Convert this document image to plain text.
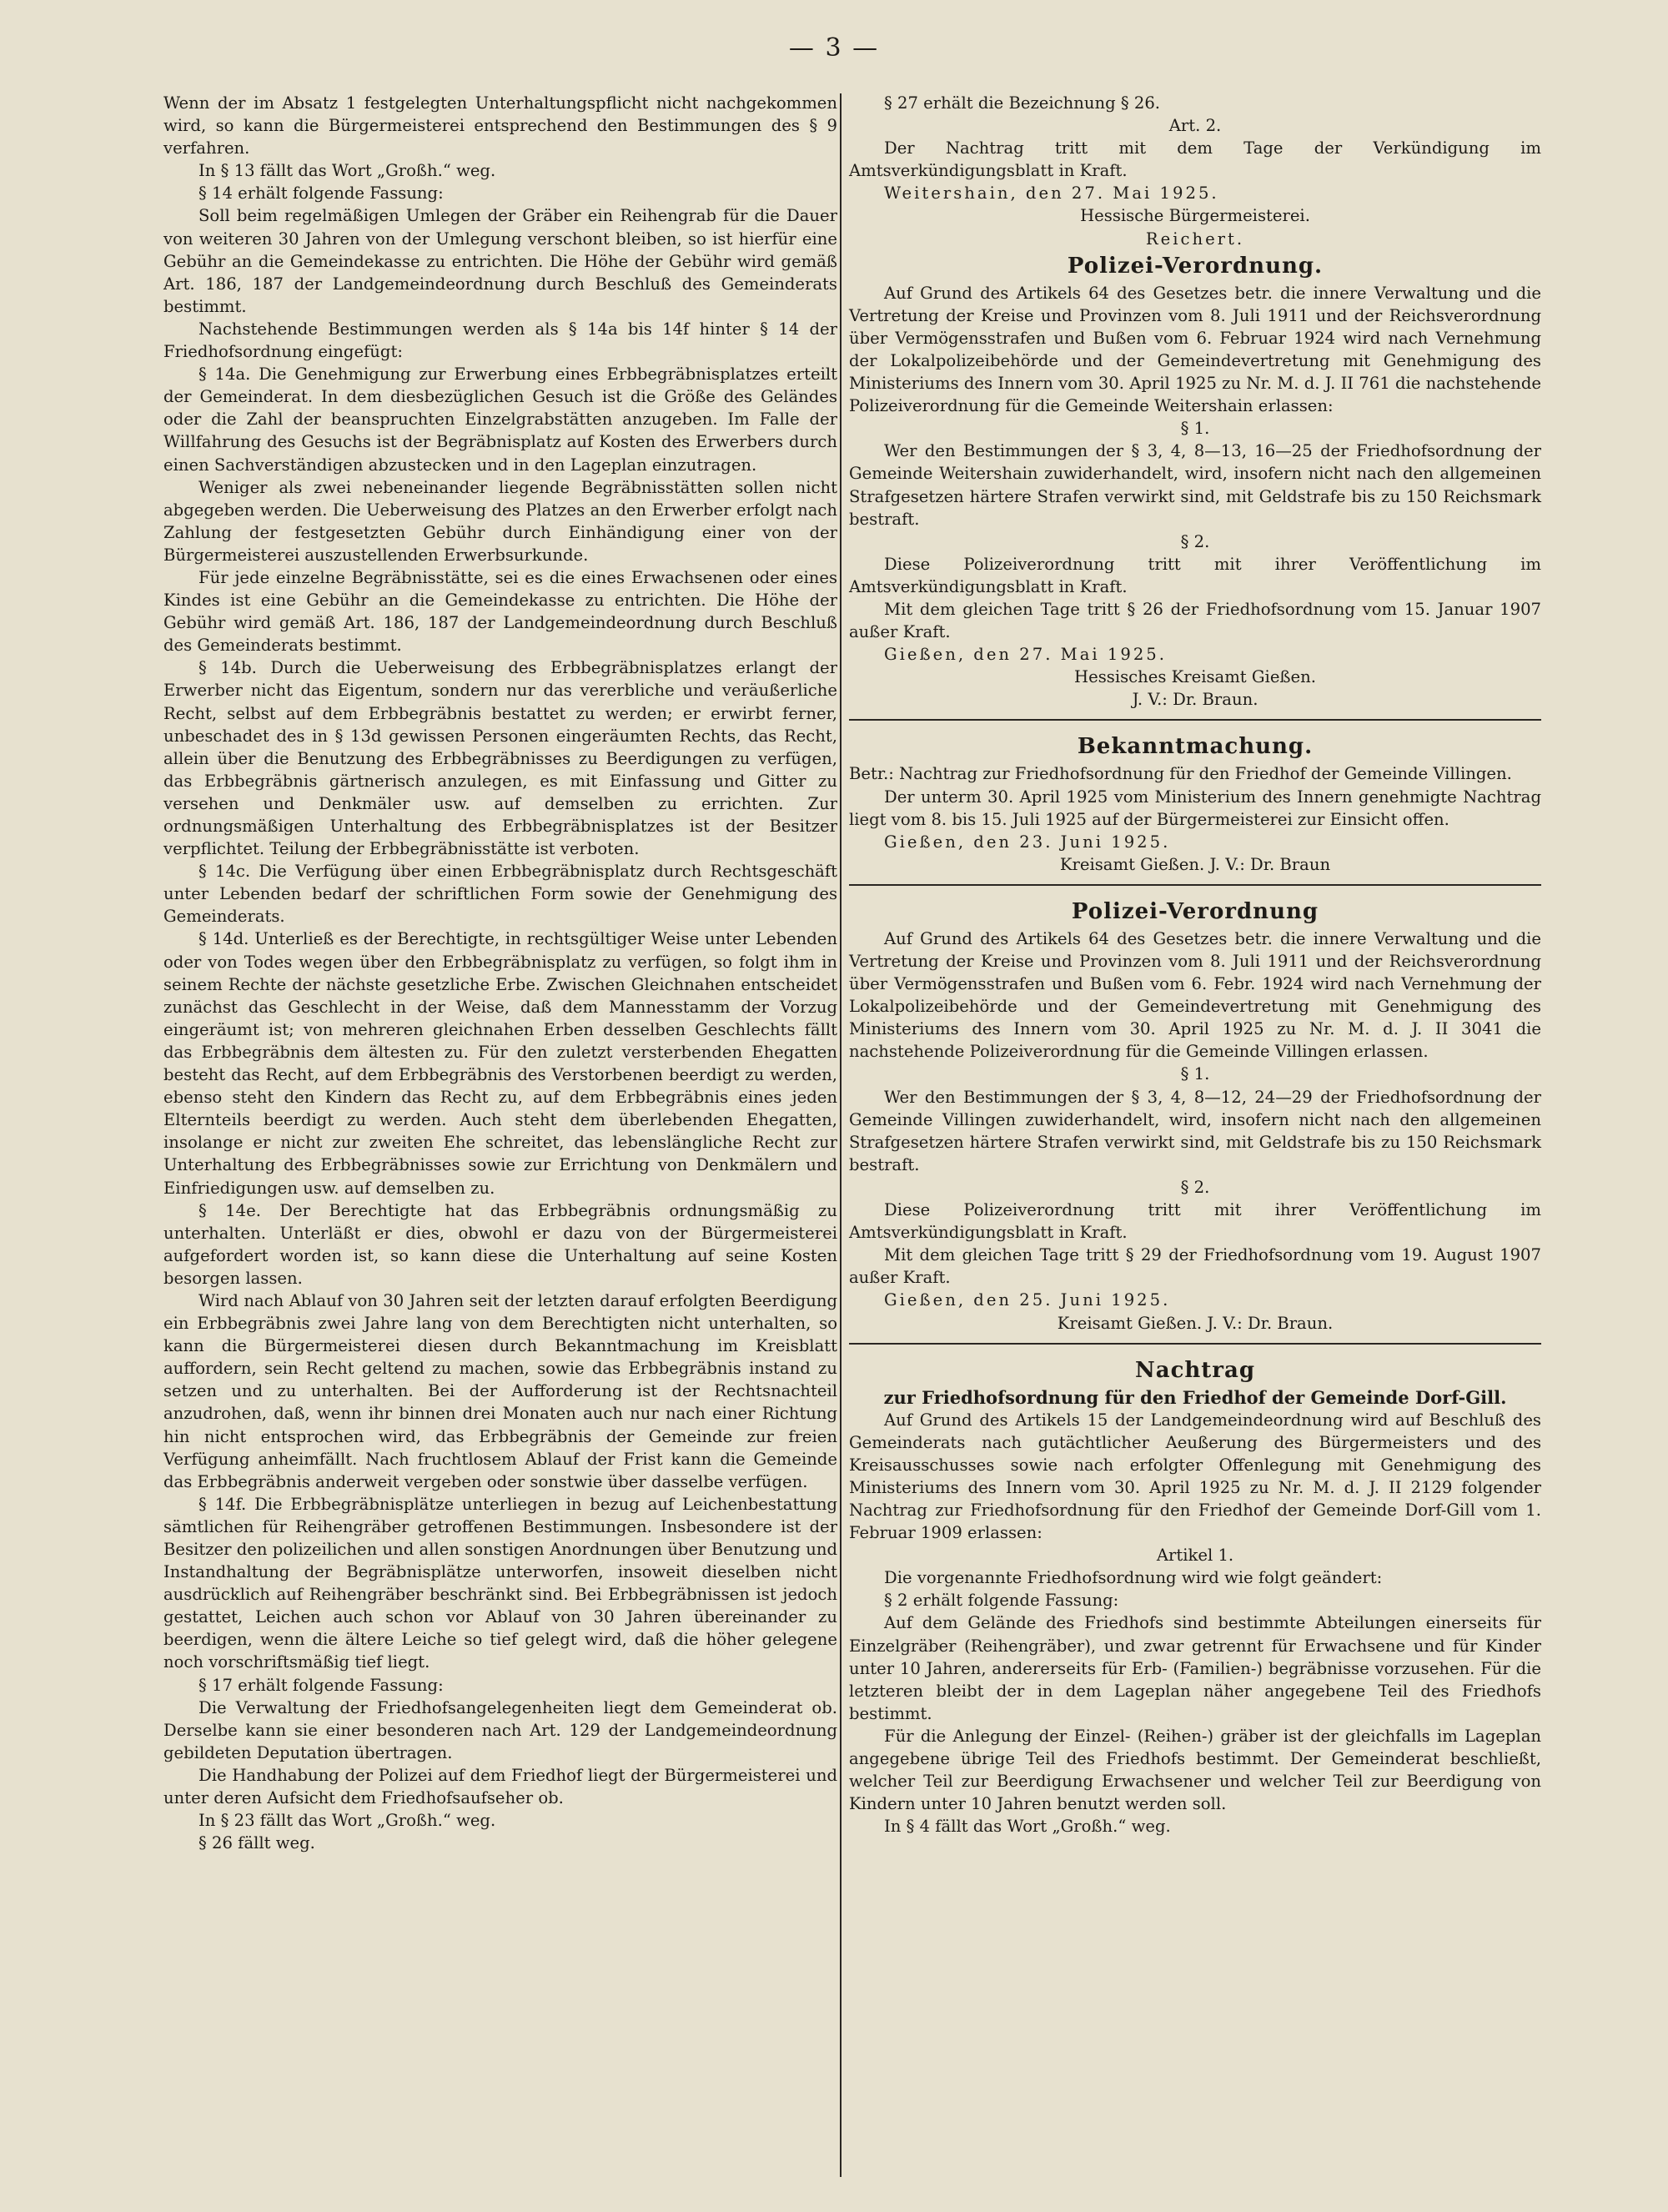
— 3 —

Wenn der im Absatz 1 festgelegten Unterhaltungspflicht nicht nachgekommen wird, so kann die Bürgermeisterei entsprechend den Bestimmungen des § 9 verfahren.

In § 13 fällt das Wort „Großh.“ weg.

§ 14 erhält folgende Fassung:

Soll beim regelmäßigen Umlegen der Gräber ein Reihengrab für die Dauer von weiteren 30 Jahren von der Umlegung verschont bleiben, so ist hierfür eine Gebühr an die Gemeindekasse zu entrichten. Die Höhe der Gebühr wird gemäß Art. 186, 187 der Landgemeindeordnung durch Beschluß des Gemeinderats bestimmt.

Nachstehende Bestimmungen werden als § 14a bis 14f hinter § 14 der Friedhofsordnung eingefügt:

§ 14a. Die Genehmigung zur Erwerbung eines Erbbegräbnisplatzes erteilt der Gemeinderat. In dem diesbezüglichen Gesuch ist die Größe des Geländes oder die Zahl der beanspruchten Einzelgrabstätten anzugeben. Im Falle der Willfahrung des Gesuchs ist der Begräbnisplatz auf Kosten des Erwerbers durch einen Sachverständigen abzustecken und in den Lageplan einzutragen.

Weniger als zwei nebeneinander liegende Begräbnisstätten sollen nicht abgegeben werden. Die Ueberweisung des Platzes an den Erwerber erfolgt nach Zahlung der festgesetzten Gebühr durch Einhändigung einer von der Bürgermeisterei auszustellenden Erwerbsurkunde.

Für jede einzelne Begräbnisstätte, sei es die eines Erwachsenen oder eines Kindes ist eine Gebühr an die Gemeindekasse zu entrichten. Die Höhe der Gebühr wird gemäß Art. 186, 187 der Landgemeindeordnung durch Beschluß des Gemeinderats bestimmt.

§ 14b. Durch die Ueberweisung des Erbbegräbnisplatzes erlangt der Erwerber nicht das Eigentum, sondern nur das vererbliche und veräußerliche Recht, selbst auf dem Erbbegräbnis bestattet zu werden; er erwirbt ferner, unbeschadet des in § 13d gewissen Personen eingeräumten Rechts, das Recht, allein über die Benutzung des Erbbegräbnisses zu Beerdigungen zu verfügen, das Erbbegräbnis gärtnerisch anzulegen, es mit Einfassung und Gitter zu versehen und Denkmäler usw. auf demselben zu errichten. Zur ordnungsmäßigen Unterhaltung des Erbbegräbnisplatzes ist der Besitzer verpflichtet. Teilung der Erbbegräbnisstätte ist verboten.

§ 14c. Die Verfügung über einen Erbbegräbnisplatz durch Rechtsgeschäft unter Lebenden bedarf der schriftlichen Form sowie der Genehmigung des Gemeinderats.

§ 14d. Unterließ es der Berechtigte, in rechtsgültiger Weise unter Lebenden oder von Todes wegen über den Erbbegräbnisplatz zu verfügen, so folgt ihm in seinem Rechte der nächste gesetzliche Erbe. Zwischen Gleichnahen entscheidet zunächst das Geschlecht in der Weise, daß dem Mannesstamm der Vorzug eingeräumt ist; von mehreren gleichnahen Erben desselben Geschlechts fällt das Erbbegräbnis dem ältesten zu. Für den zuletzt versterbenden Ehegatten besteht das Recht, auf dem Erbbegräbnis des Verstorbenen beerdigt zu werden, ebenso steht den Kindern das Recht zu, auf dem Erbbegräbnis eines jeden Elternteils beerdigt zu werden. Auch steht dem überlebenden Ehegatten, insolange er nicht zur zweiten Ehe schreitet, das lebenslängliche Recht zur Unterhaltung des Erbbegräbnisses sowie zur Errichtung von Denkmälern und Einfriedigungen usw. auf demselben zu.

§ 14e. Der Berechtigte hat das Erbbegräbnis ordnungsmäßig zu unterhalten. Unterläßt er dies, obwohl er dazu von der Bürgermeisterei aufgefordert worden ist, so kann diese die Unterhaltung auf seine Kosten besorgen lassen.

Wird nach Ablauf von 30 Jahren seit der letzten darauf erfolgten Beerdigung ein Erbbegräbnis zwei Jahre lang von dem Berechtigten nicht unterhalten, so kann die Bürgermeisterei diesen durch Bekanntmachung im Kreisblatt auffordern, sein Recht geltend zu machen, sowie das Erbbegräbnis instand zu setzen und zu unterhalten. Bei der Aufforderung ist der Rechtsnachteil anzudrohen, daß, wenn ihr binnen drei Monaten auch nur nach einer Richtung hin nicht entsprochen wird, das Erbbegräbnis der Gemeinde zur freien Verfügung anheimfällt. Nach fruchtlosem Ablauf der Frist kann die Gemeinde das Erbbegräbnis anderweit vergeben oder sonstwie über dasselbe verfügen.

§ 14f. Die Erbbegräbnisplätze unterliegen in bezug auf Leichenbestattung sämtlichen für Reihengräber getroffenen Bestimmungen. Insbesondere ist der Besitzer den polizeilichen und allen sonstigen Anordnungen über Benutzung und Instandhaltung der Begräbnisplätze unterworfen, insoweit dieselben nicht ausdrücklich auf Reihengräber beschränkt sind. Bei Erbbegräbnissen ist jedoch gestattet, Leichen auch schon vor Ablauf von 30 Jahren übereinander zu beerdigen, wenn die ältere Leiche so tief gelegt wird, daß die höher gelegene noch vorschriftsmäßig tief liegt.

§ 17 erhält folgende Fassung:

Die Verwaltung der Friedhofsangelegenheiten liegt dem Gemeinderat ob. Derselbe kann sie einer besonderen nach Art. 129 der Landgemeindeordnung gebildeten Deputation übertragen.

Die Handhabung der Polizei auf dem Friedhof liegt der Bürgermeisterei und unter deren Aufsicht dem Friedhofsaufseher ob.

In § 23 fällt das Wort „Großh.“ weg.

§ 26 fällt weg.

§ 27 erhält die Bezeichnung § 26.

Art. 2.

Der Nachtrag tritt mit dem Tage der Verkündigung im Amtsverkündigungsblatt in Kraft.

Weitershain, den 27. Mai 1925.

Hessische Bürgermeisterei.

Reichert.

Polizei-Verordnung.

Auf Grund des Artikels 64 des Gesetzes betr. die innere Verwaltung und die Vertretung der Kreise und Provinzen vom 8. Juli 1911 und der Reichsverordnung über Vermögensstrafen und Bußen vom 6. Februar 1924 wird nach Vernehmung der Lokalpolizeibehörde und der Gemeindevertretung mit Genehmigung des Ministeriums des Innern vom 30. April 1925 zu Nr. M. d. J. II 761 die nachstehende Polizeiverordnung für die Gemeinde Weitershain erlassen:

§ 1.

Wer den Bestimmungen der § 3, 4, 8—13, 16—25 der Friedhofsordnung der Gemeinde Weitershain zuwiderhandelt, wird, insofern nicht nach den allgemeinen Strafgesetzen härtere Strafen verwirkt sind, mit Geldstrafe bis zu 150 Reichsmark bestraft.

§ 2.

Diese Polizeiverordnung tritt mit ihrer Veröffentlichung im Amtsverkündigungsblatt in Kraft.

Mit dem gleichen Tage tritt § 26 der Friedhofsordnung vom 15. Januar 1907 außer Kraft.

Gießen, den 27. Mai 1925.

Hessisches Kreisamt Gießen.

J. V.: Dr. Braun.

Bekanntmachung.

Betr.: Nachtrag zur Friedhofsordnung für den Friedhof der Gemeinde Villingen.

Der unterm 30. April 1925 vom Ministerium des Innern genehmigte Nachtrag liegt vom 8. bis 15. Juli 1925 auf der Bürgermeisterei zur Einsicht offen.

Gießen, den 23. Juni 1925.

Kreisamt Gießen. J. V.: Dr. Braun

Polizei-Verordnung

Auf Grund des Artikels 64 des Gesetzes betr. die innere Verwaltung und die Vertretung der Kreise und Provinzen vom 8. Juli 1911 und der Reichsverordnung über Vermögensstrafen und Bußen vom 6. Febr. 1924 wird nach Vernehmung der Lokalpolizeibehörde und der Gemeindevertretung mit Genehmigung des Ministeriums des Innern vom 30. April 1925 zu Nr. M. d. J. II 3041 die nachstehende Polizeiverordnung für die Gemeinde Villingen erlassen.

§ 1.

Wer den Bestimmungen der § 3, 4, 8—12, 24—29 der Friedhofsordnung der Gemeinde Villingen zuwiderhandelt, wird, insofern nicht nach den allgemeinen Strafgesetzen härtere Strafen verwirkt sind, mit Geldstrafe bis zu 150 Reichsmark bestraft.

§ 2.

Diese Polizeiverordnung tritt mit ihrer Veröffentlichung im Amtsverkündigungsblatt in Kraft.

Mit dem gleichen Tage tritt § 29 der Friedhofsordnung vom 19. August 1907 außer Kraft.

Gießen, den 25. Juni 1925.

Kreisamt Gießen. J. V.: Dr. Braun.

Nachtrag
zur Friedhofsordnung für den Friedhof der Gemeinde Dorf-Gill.

Auf Grund des Artikels 15 der Landgemeindeordnung wird auf Beschluß des Gemeinderats nach gutächtlicher Aeußerung des Bürgermeisters und des Kreisausschusses sowie nach erfolgter Offenlegung mit Genehmigung des Ministeriums des Innern vom 30. April 1925 zu Nr. M. d. J. II 2129 folgender Nachtrag zur Friedhofsordnung für den Friedhof der Gemeinde Dorf-Gill vom 1. Februar 1909 erlassen:

Artikel 1.

Die vorgenannte Friedhofsordnung wird wie folgt geändert:

§ 2 erhält folgende Fassung:

Auf dem Gelände des Friedhofs sind bestimmte Abteilungen einerseits für Einzelgräber (Reihengräber), und zwar getrennt für Erwachsene und für Kinder unter 10 Jahren, andererseits für Erb- (Familien-) begräbnisse vorzusehen. Für die letzteren bleibt der in dem Lageplan näher angegebene Teil des Friedhofs bestimmt.

Für die Anlegung der Einzel- (Reihen-) gräber ist der gleichfalls im Lageplan angegebene übrige Teil des Friedhofs bestimmt. Der Gemeinderat beschließt, welcher Teil zur Beerdigung Erwachsener und welcher Teil zur Beerdigung von Kindern unter 10 Jahren benutzt werden soll.

In § 4 fällt das Wort „Großh.“ weg.
